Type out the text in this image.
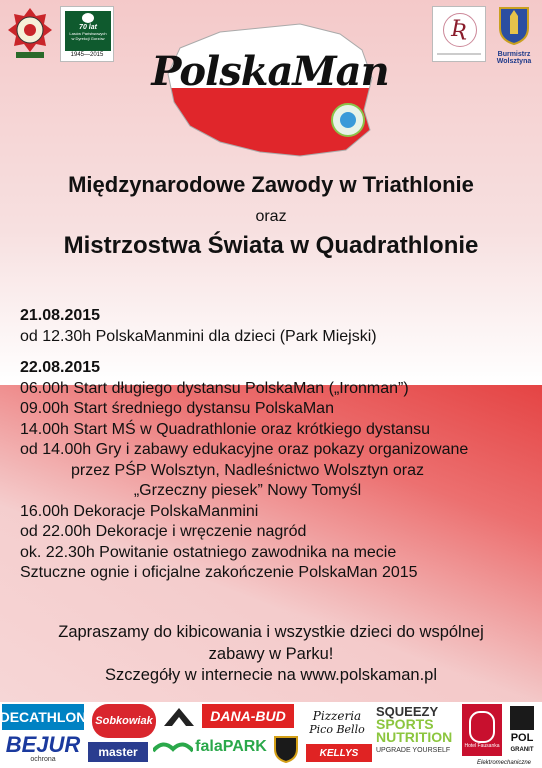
70 lat
Lasów Państwowych
w Dyrekcji Gorzów
1945—2015
Ʀ
Burmistrz
Wolsztyna
PolskaMan
Międzynarodowe Zawody w Triathlonie
oraz
Mistrzostwa Świata w Quadrathlonie
21.08.2015
od 12.30h PolskaManmini dla dzieci (Park Miejski)
22.08.2015
06.00h Start długiego dystansu PolskaMan („Ironman”)
09.00h Start średniego dystansu PolskaMan
14.00h Start MŚ w Quadrathlonie oraz krótkiego dystansu
od 14.00h Gry i zabawy edukacyjne oraz pokazy organizowane
przez PŚP Wolsztyn, Nadleśnictwo Wolsztyn oraz
„Grzeczny piesek” Nowy Tomyśl
16.00h Dekoracje PolskaManmini
od 22.00h Dekoracje i wręczenie nagród
ok. 22.30h Powitanie ostatniego zawodnika na mecie
Sztuczne ognie i oficjalne zakończenie PolskaMan 2015
Zapraszamy do kibicowania i wszystkie dzieci do wspólnej
zabawy w Parku!
Szczegóły w internecie na www.polskaman.pl
DECATHLON
BEJUR
ochrona
Sobkowiak
master
DANA-BUD
falaPARK
Pizzeria
Pico Bello
KELLYS
SQUEEZY
SPORTS
NUTRITION
UPGRADE YOURSELF
Hotel Fausanka
POL
GRANIT
Elektromechaniczne
